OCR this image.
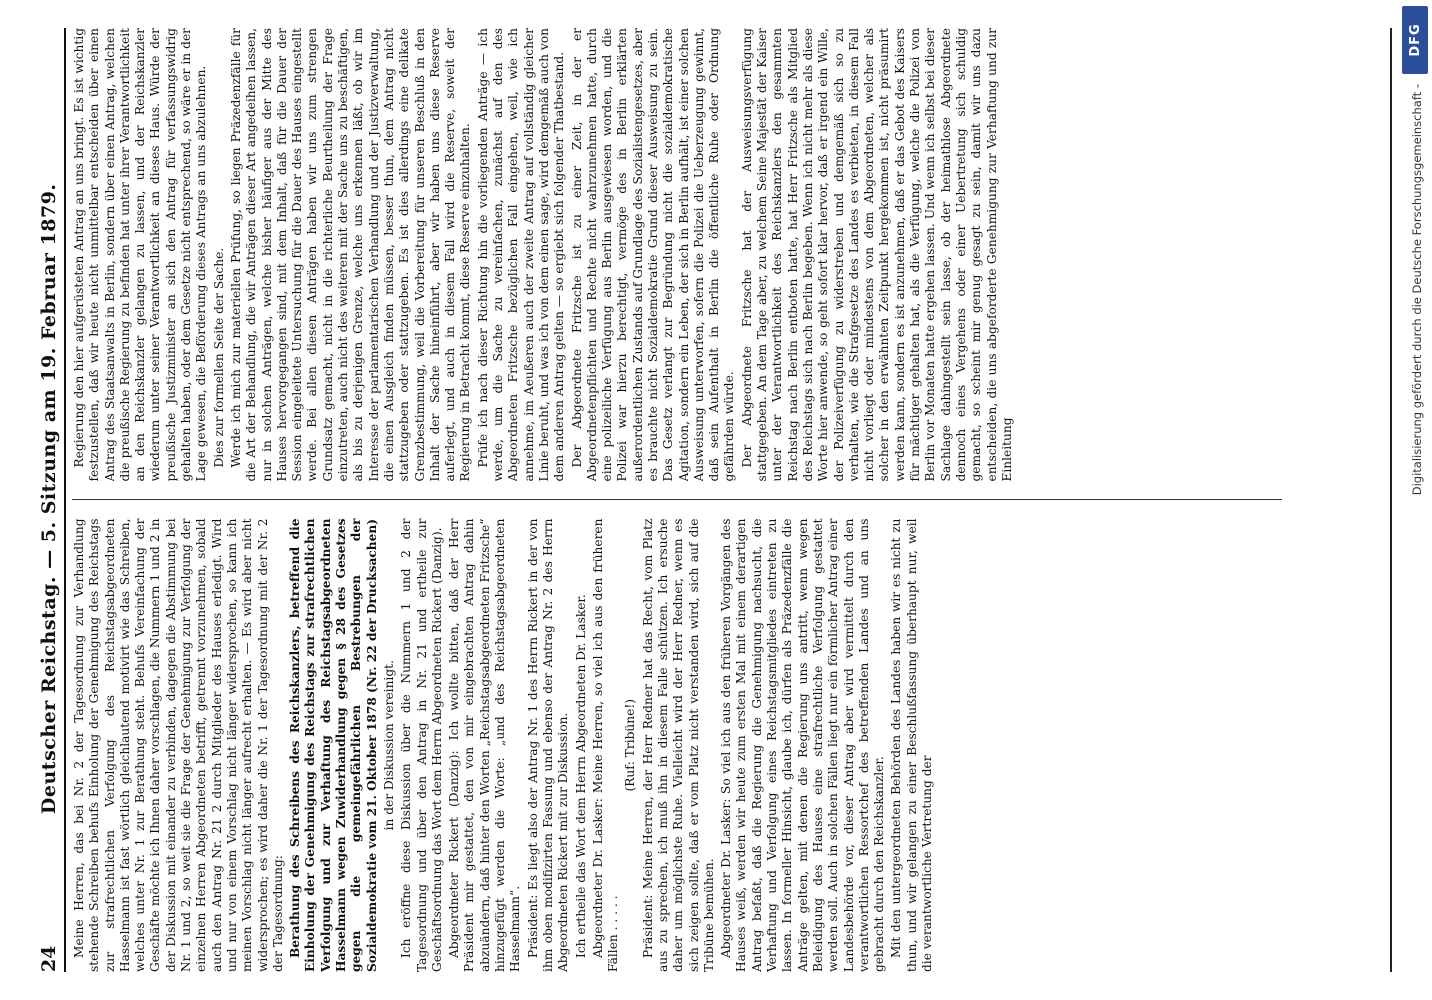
24
Deutscher Reichstag. — 5. Sitzung am 19. Februar 1879. Meine Herren, das bei Nr. 2 der Tagesordnung zur Verhandlung stehende Schreiben behufs Einholung der Genehmigung des Reichstags zur strafrechtlichen Verfolgung des Reichstagsabgeordneten Hasselmann ist fast wörtlich gleichlautend motivirt wie das Schreiben, welches unter Nr. 1 zur Berathung steht. Behufs Vereinfachung der Geschäfte möchte ich Ihnen daher vorschlagen, die Nummern 1 und 2 in der Diskussion mit einander zu verbinden, dagegen die Abstimmung bei Nr. 1 und 2, so weit sie die Frage der Genehmigung zur Verfolgung der einzelnen Herren Abgeordneten betrifft, getrennt vorzunehmen, sobald auch den Antrag Nr. 21 2 durch Mitglieder des Hauses erledigt. Wird und nur von einem Vorschlag nicht länger widersprochen, so kann ich meinen Vorschlag nicht länger aufrecht erhalten. — Es wird aber nicht widersprochen; es wird daher die Nr. 1 der Tagesordnung mit der Nr. 2 der Tagesordnung: Berathung des Schreibens des Reichskanzlers, betreffend die Einholung der Genehmigung des Reichstags zur strafrechtlichen Verfolgung und zur Verhaftung des Reichstagsabgeordneten Hasselmann wegen Zuwiderhandlung gegen § 28 des Gesetzes gegen die gemeingefährlichen Bestrebungen der Sozialdemokratie vom 21. Oktober 1878 (Nr. 22 der Drucksachen) in der Diskussion vereinigt. Ich eröffne diese Diskussion über die Nummern 1 und 2 der Tagesordnung und über den Antrag in Nr. 21 und ertheile zur Geschäftsordnung das Wort dem Herrn Abgeordneten Rickert (Danzig). Abgeordneter Rickert (Danzig): Ich wollte bitten, daß der Herr Präsident mir gestattet, den von mir eingebrachten Antrag dahin abzuändern, daß hinter den Worten „Reichstagsabgeordneten Fritzsche“ hinzugefügt werden die Worte: „und des Reichstagsabgeordneten Hasselmann“. Präsident: Es liegt also der Antrag Nr. 1 des Herrn Rickert in der von ihm oben modifizirten Fassung und ebenso der Antrag Nr. 2 des Herrn Abgeordneten Rickert mit zur Diskussion. Ich ertheile das Wort dem Herrn Abgeordneten Dr. Lasker. Abgeordneter Dr. Lasker: Meine Herren, so viel ich aus den früheren Fällen . . . . .

(Ruf: Tribüne!) Präsident: Meine Herren, der Herr Redner hat das Recht, vom Platz aus zu sprechen, ich muß ihn in diesem Falle schützen. Ich ersuche daher um möglichste Ruhe. Vielleicht wird der Herr Redner, wenn es sich zeigen sollte, daß er vom Platz nicht verstanden wird, sich auf die Tribüne bemühen. Abgeordneter Dr. Lasker: So viel ich aus den früheren Vorgängen des Hauses weiß, werden wir heute zum ersten Mal mit einem derartigen Antrag befaßt, daß die Regierung die Genehmigung nachsucht, die Verhaftung und Verfolgung eines Reichstagsmitgliedes eintreten zu lassen. In formeller Hinsicht, glaube ich, dürfen als Präzedenzfälle die Anträge gelten, mit denen die Regierung uns antritt, wenn wegen Beleidigung des Hauses eine strafrechtliche Verfolgung gestattet werden soll. Auch in solchen Fällen liegt nur ein förmlicher Antrag einer Landesbehörde vor, dieser Antrag aber wird vermittelt durch den verantwortlichen Ressortchef des betreffenden Landes und an uns gebracht durch den Reichskanzler. Mit den untergeordneten Behörden des Landes haben wir es nicht zu thun, und wir gelangen zu einer Beschlußfassung überhaupt nur, weil die verantwortliche Vertretung der

Regierung den hier aufgerüsteten Antrag an uns bringt. Es ist wichtig festzustellen, daß wir heute nicht unmittelbar entscheiden über einen Antrag des Staatsanwalts in Berlin, sondern über einen Antrag, welchen die preußische Regierung zu befinden hat unter ihrer Verantwortlichkeit an den Reichskanzler gelangen zu lassen, und der Reichskanzler wiederum unter seiner Verantwortlichkeit an dieses Haus. Würde der preußische Justizminister an sich den Antrag für verfassungswidrig gehalten haben, oder dem Gesetze nicht entsprechend, so wäre er in der Lage gewesen, die Beförderung dieses Antrags an uns abzulehnen. Dies zur formellen Seite der Sache. Werde ich mich zur materiellen Prüfung, so liegen Präzedenzfälle für die Art der Behandlung, die wir Anträgen dieser Art angedeihen lassen, nur in solchen Anträgen, welche bisher häufiger aus der Mitte des Hauses hervorgegangen sind, mit dem Inhalt, daß für die Dauer der Session eingeleitete Untersuchung für die Dauer des Hauses eingestellt werde. Bei allen diesen Anträgen haben wir uns zum strengen Grundsatz gemacht, nicht in die richterliche Beurtheilung der Frage einzutreten, auch nicht des weiteren mit der Sache uns zu beschäftigen, als bis zu derjenigen Grenze, welche uns erkennen läßt, ob wir im Interesse der parlamentarischen Verhandlung und der Justizverwaltung, die einen Ausgleich finden müssen, besser thun, dem Antrag nicht stattzugeben oder stattzugeben. Es ist dies allerdings eine delikate Grenzbestimmung, weil die Vorbereitung für unseren Beschluß in den Inhalt der Sache hineinführt, aber wir haben uns diese Reserve auferlegt, und auch in diesem Fall wird die Reserve, soweit der Regierung in Betracht kommt, diese Reserve einzuhalten. Prüfe ich nach dieser Richtung hin die vorliegenden Anträge — ich werde, um die Sache zu vereinfachen, zunächst auf den des Abgeordneten Fritzsche bezüglichen Fall eingehen, weil, wie ich annehme, im Aeußeren auch der zweite Antrag auf vollständig gleicher Linie beruht, und was ich von dem einen sage, wird demgemäß auch von dem anderen Antrag gelten — so ergiebt sich folgender Thatbestand. Der Abgeordnete Fritzsche ist zu einer Zeit, in der er Abgeordnetenpflichten und Rechte nicht wahrzunehmen hatte, durch eine polizeiliche Verfügung aus Berlin ausgewiesen worden, und die Polizei war hierzu berechtigt, vermöge des in Berlin erklärten außerordentlichen Zustands auf Grundlage des Sozialistengesetzes, aber es brauchte nicht Sozialdemokratie Grund dieser Ausweisung zu sein. Das Gesetz verlangt zur Begründung nicht die sozialdemokratische Agitation, sondern ein Leben, der sich in Berlin aufhält, ist einer solchen Ausweisung unterworfen, sofern die Polizei die Ueberzeugung gewinnt, daß sein Aufenthalt in Berlin die öffentliche Ruhe oder Ordnung gefährden würde. Der Abgeordnete Fritzsche hat der Ausweisungsverfügung stattgegeben. An dem Tage aber, zu welchem Seine Majestät der Kaiser unter der Verantwortlichkeit des Reichskanzlers den gesammten Reichstag nach Berlin entboten hatte, hat Herr Fritzsche als Mitglied des Reichstags sich nach Berlin begeben. Wenn ich nicht mehr als diese Worte hier anwende, so geht sofort klar hervor, daß er irgend ein Wille, der Polizeiverfügung zu widerstreben und demgemäß sich so zu verhalten, wie die Strafgesetze des Landes es verbieten, in diesem Fall nicht vorliegt oder mindestens von dem Abgeordneten, welcher als solcher in den erwähnten Zeitpunkt hergekommen ist, nicht präsumirt werden kann, sondern es ist anzunehmen, daß er das Gebot des Kaisers für mächtiger gehalten hat, als die Verfügung, welche die Polizei von Berlin vor Monaten hatte ergehen lassen. Und wenn ich selbst bei dieser Sachlage dahingestellt sein lasse, ob der heimathlose Abgeordnete dennoch eines Vergehens oder einer Uebertretung sich schuldig gemacht, so scheint mir genug gesagt zu sein, damit wir uns dazu entscheiden, die uns abgeforderte Genehmigung zur Verhaftung und zur Einleitung	Digitalisierung gefördert durch die Deutsche Forschungsgemeinschaft -
DFG
